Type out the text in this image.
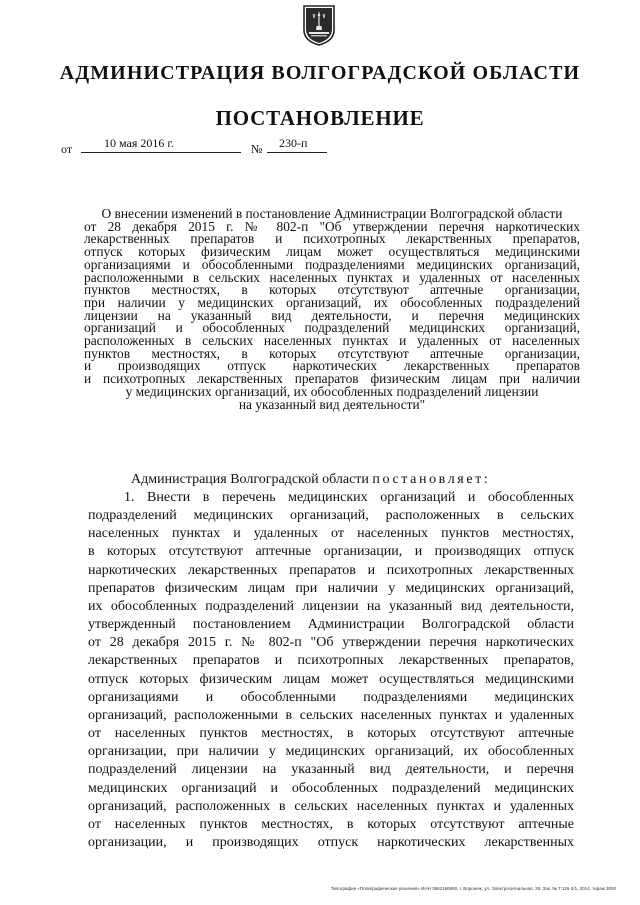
АДМИНИСТРАЦИЯ ВОЛГОГРАДСКОЙ ОБЛАСТИ
ПОСТАНОВЛЕНИЕ
от	10 мая 2016 г.	№ 230-п
О внесении изменений в постановление Администрации Волгоградской области
от 28 декабря 2015 г. № 802-п "Об утверждении перечня наркотических
лекарственных препаратов и психотропных лекарственных препаратов,
отпуск которых физическим лицам может осуществляться медицинскими
организациями и обособленными подразделениями медицинских организаций,
расположенными в сельских населенных пунктах и удаленных от населенных
пунктов местностях, в которых отсутствуют аптечные организации,
при наличии у медицинских организаций, их обособленных подразделений
лицензии на указанный вид деятельности, и перечня медицинских
организаций и обособленных подразделений медицинских организаций,
расположенных в сельских населенных пунктах и удаленных от населенных
пунктов местностях, в которых отсутствуют аптечные организации,
и производящих отпуск наркотических лекарственных препаратов
и психотропных лекарственных препаратов физическим лицам при наличии
у медицинских организаций, их обособленных подразделений лицензии
на указанный вид деятельности"
Администрация Волгоградской области постановляет:
1. Внести в перечень медицинских организаций и обособленных
подразделений медицинских организаций, расположенных в сельских
населенных пунктах и удаленных от населенных пунктов местностях,
в которых отсутствуют аптечные организации, и производящих отпуск
наркотических лекарственных препаратов и психотропных лекарственных
препаратов физическим лицам при наличии у медицинских организаций,
их обособленных подразделений лицензии на указанный вид деятельности,
утвержденный постановлением Администрации Волгоградской области
от 28 декабря 2015 г. № 802-п "Об утверждении перечня наркотических
лекарственных препаратов и психотропных лекарственных препаратов,
отпуск которых физическим лицам может осуществляться медицинскими
организациями и обособленными подразделениями медицинских
организаций, расположенными в сельских населенных пунктах и удаленных
от населенных пунктов местностях, в которых отсутствуют аптечные
организации, при наличии у медицинских организаций, их обособленных
подразделений лицензии на указанный вид деятельности, и перечня
медицинских организаций и обособленных подразделений медицинских
организаций, расположенных в сельских населенных пунктах и удаленных
от населенных пунктов местностях, в которых отсутствуют аптечные
организации, и производящих отпуск наркотических лекарственных
Типография «Полиграфические решения» ИНН 3662166990, г. Воронеж, ул. Электросигнальная, 28. Зак. № Т.126-3/1, 2014, тираж 3000
